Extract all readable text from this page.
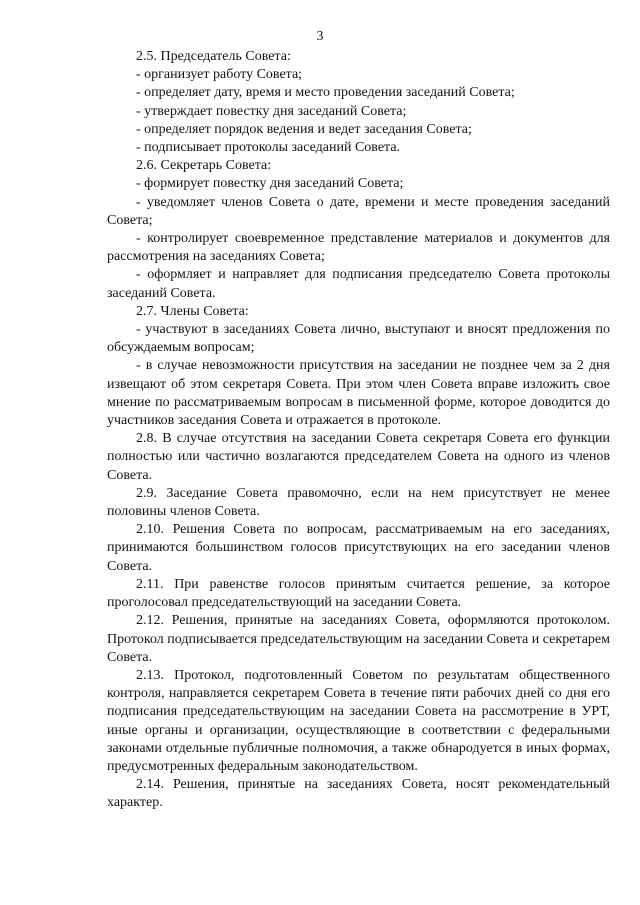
3

2.5. Председатель Совета:

- организует работу Совета;

- определяет дату, время и место проведения заседаний Совета;

- утверждает повестку дня заседаний Совета;

- определяет порядок ведения и ведет заседания Совета;

- подписывает протоколы заседаний Совета.

2.6. Секретарь Совета:

- формирует повестку дня заседаний Совета;

- уведомляет членов Совета о дате, времени и месте проведения заседаний Совета;

- контролирует своевременное представление материалов и документов для рассмотрения на заседаниях Совета;

- оформляет и направляет для подписания председателю Совета протоколы заседаний Совета.

2.7. Члены Совета:

- участвуют в заседаниях Совета лично, выступают и вносят предложения по обсуждаемым вопросам;

- в случае невозможности присутствия на заседании не позднее чем за 2 дня извещают об этом секретаря Совета. При этом член Совета вправе изложить свое мнение по рассматриваемым вопросам в письменной форме, которое доводится до участников заседания Совета и отражается в протоколе.

2.8. В случае отсутствия на заседании Совета секретаря Совета его функции полностью или частично возлагаются председателем Совета на одного из членов Совета.

2.9. Заседание Совета правомочно, если на нем присутствует не менее половины членов Совета.

2.10. Решения Совета по вопросам, рассматриваемым на его заседаниях, принимаются большинством голосов присутствующих на его заседании членов Совета.

2.11. При равенстве голосов принятым считается решение, за которое проголосовал председательствующий на заседании Совета.

2.12. Решения, принятые на заседаниях Совета, оформляются протоколом. Протокол подписывается председательствующим на заседании Совета и секретарем Совета.

2.13. Протокол, подготовленный Советом по результатам общественного контроля, направляется секретарем Совета в течение пяти рабочих дней со дня его подписания председательствующим на заседании Совета на рассмотрение в УРТ, иные органы и организации, осуществляющие в соответствии с федеральными законами отдельные публичные полномочия, а также обнародуется в иных формах, предусмотренных федеральным законодательством.

2.14. Решения, принятые на заседаниях Совета, носят рекомендательный характер.
